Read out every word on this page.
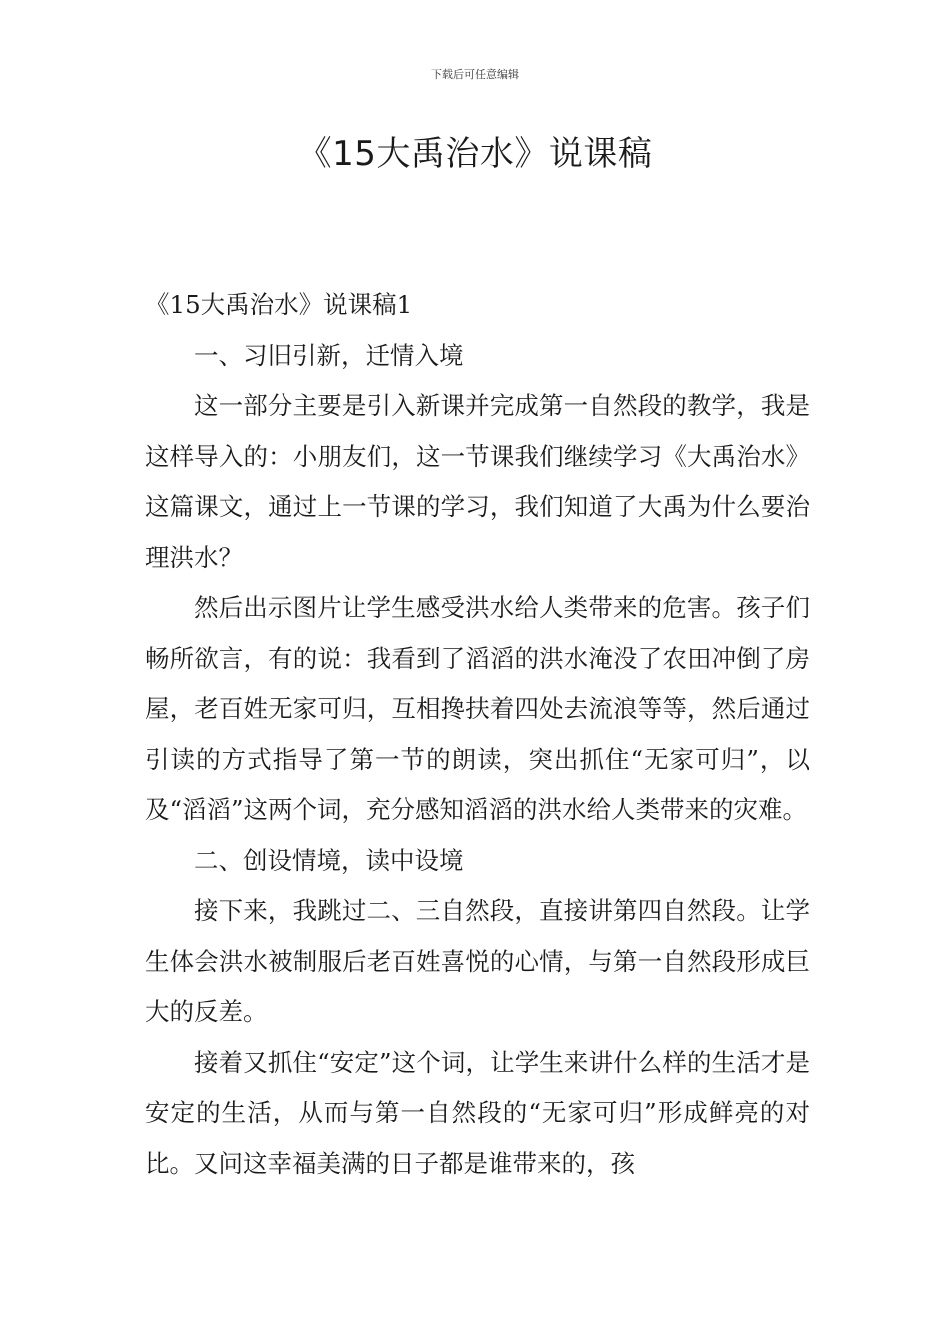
下载后可任意编辑
《15大禹治水》说课稿

《15大禹治水》说课稿1

一、习旧引新，迁情入境

这一部分主要是引入新课并完成第一自然段的教学，我是这样导入的：小朋友们，这一节课我们继续学习《大禹治水》这篇课文，通过上一节课的学习，我们知道了大禹为什么要治理洪水？

然后出示图片让学生感受洪水给人类带来的危害。孩子们畅所欲言，有的说：我看到了滔滔的洪水淹没了农田冲倒了房屋，老百姓无家可归，互相搀扶着四处去流浪等等，然后通过引读的方式指导了第一节的朗读，突出抓住“无家可归”，以及“滔滔”这两个词，充分感知滔滔的洪水给人类带来的灾难。

二、创设情境，读中设境

接下来，我跳过二、三自然段，直接讲第四自然段。让学生体会洪水被制服后老百姓喜悦的心情，与第一自然段形成巨大的反差。

接着又抓住“安定”这个词，让学生来讲什么样的生活才是安定的生活，从而与第一自然段的“无家可归”形成鲜亮的对比。又问这幸福美满的日子都是谁带来的，孩
